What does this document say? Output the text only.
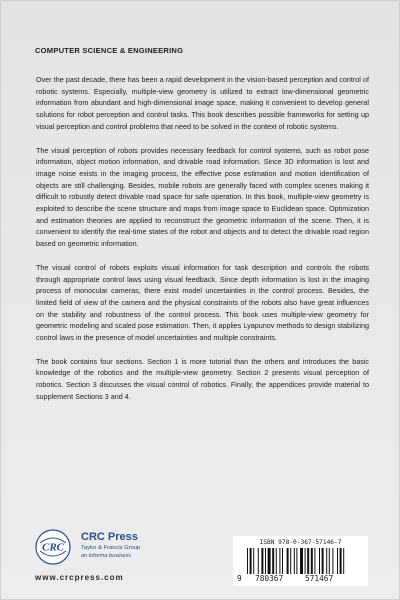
COMPUTER SCIENCE & ENGINEERING

Over the past decade, there has been a rapid development in the vision-based perception and control of robotic systems. Especially, multiple-view geometry is utilized to extract low-dimensional geometric information from abundant and high-dimensional image space, making it convenient to develop general solutions for robot perception and control tasks. This book describes possible frameworks for setting up visual perception and control problems that need to be solved in the context of robotic systems.

The visual perception of robots provides necessary feedback for control systems, such as robot pose information, object motion information, and drivable road information. Since 3D information is lost and image noise exists in the imaging process, the effective pose estimation and motion identification of objects are still challenging. Besides, mobile robots are generally faced with complex scenes making it difficult to robustly detect drivable road space for safe operation. In this book, multiple-view geometry is exploited to describe the scene structure and maps from image space to Euclidean space. Optimization and estimation theories are applied to reconstruct the geometric information of the scene. Then, it is convenient to identify the real-time states of the robot and objects and to detect the drivable road region based on geometric information.

The visual control of robots exploits visual information for task description and controls the robots through appropriate control laws using visual feedback. Since depth information is lost in the imaging process of monocular cameras, there exist model uncertainties in the control process. Besides, the limited field of view of the camera and the physical constraints of the robots also have great influences on the stability and robustness of the control process. This book uses multiple-view geometry for geometric modeling and scaled pose estimation. Then, it applies Lyapunov methods to design stabilizing control laws in the presence of model uncertainties and multiple constraints.

The book contains four sections. Section 1 is more tutorial than the others and introduces the basic knowledge of the robotics and the multiple-view geometry. Section 2 presents visual perception of robotics. Section 3 discusses the visual control of robotics. Finally, the appendices provide material to supplement Sections 3 and 4.

CRC
CRC Press
Taylor & Francis Group
an informa business
www.crcpress.com
ISBN 978-0-367-57146-7
9 780367	571467
